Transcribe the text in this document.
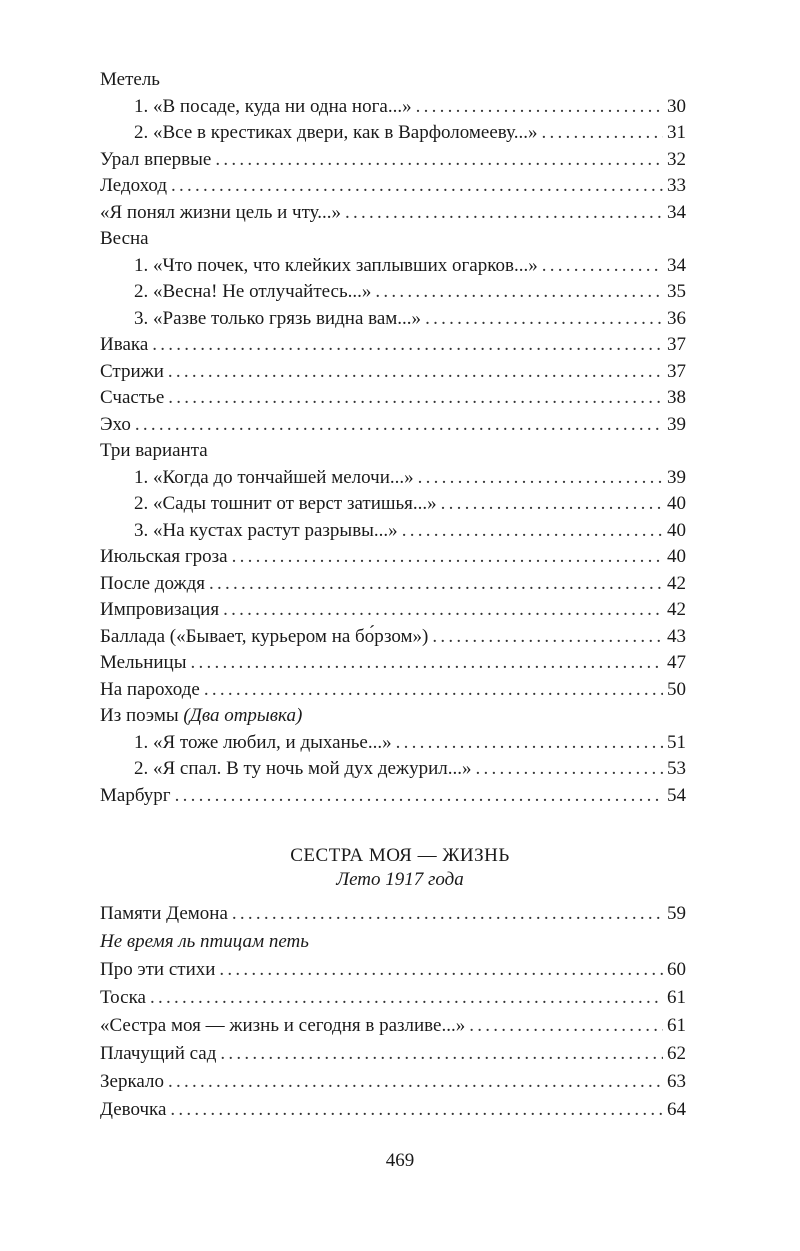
Метель
1. «В посаде, куда ни одна нога...» . . .	30
2. «Все в крестиках двери, как в Варфоломееву...» . . .	31
Урал впервые . . .	32
Ледоход . . .	33
«Я понял жизни цель и чту...» . . .	34
Весна
1. «Что почек, что клейких заплывших огарков...» . . .	34
2. «Весна! Не отлучайтесь...» . . .	35
3. «Разве только грязь видна вам...» . . .	36
Ивака . . .	37
Стрижи . . .	37
Счастье . . .	38
Эхо . . .	39
Три варианта
1. «Когда до тончайшей мелочи...» . . .	39
2. «Сады тошнит от верст затишья...» . . .	40
3. «На кустах растут разрывы...» . . .	40
Июльская гроза . . .	40
После дождя . . .	42
Импровизация . . .	42
Баллада («Бывает, курьером на бо́рзом») . . .	43
Мельницы . . .	47
На пароходе . . .	50
Из поэмы (Два отрывка)
1. «Я тоже любил, и дыханье...» . . .	51
2. «Я спал. В ту ночь мой дух дежурил...» . . .	53
Марбург . . .	54
СЕСТРА МОЯ — ЖИЗНЬ
Лето 1917 года
Памяти Демона . . .	59
Не время ль птицам петь
Про эти стихи . . .	60
Тоска . . .	61
«Сестра моя — жизнь и сегодня в разливе...» . . .	61
Плачущий сад . . .	62
Зеркало . . .	63
Девочка . . .	64
469
